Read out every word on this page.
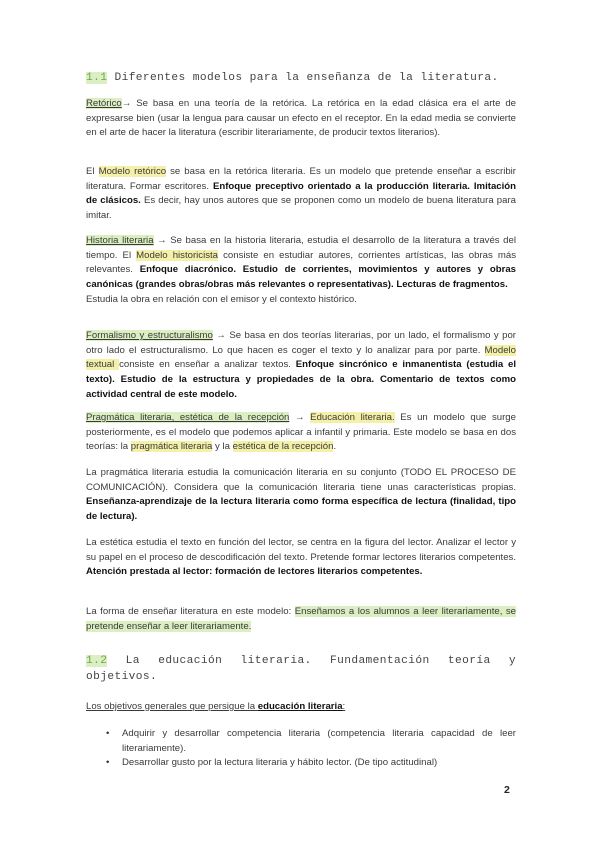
1.1 Diferentes modelos para la enseñanza de la literatura.
Retórico→ Se basa en una teoría de la retórica. La retórica en la edad clásica era el arte de expresarse bien (usar la lengua para causar un efecto en el receptor. En la edad media se convierte en el arte de hacer la literatura (escribir literariamente, de producir textos literarios).
El Modelo retórico se basa en la retórica literaria. Es un modelo que pretende enseñar a escribir literatura. Formar escritores. Enfoque preceptivo orientado a la producción literaria. Imitación de clásicos. Es decir, hay unos autores que se proponen como un modelo de buena literatura para imitar.
Historia literaria → Se basa en la historia literaria, estudia el desarrollo de la literatura a través del tiempo. El Modelo historicista consiste en estudiar autores, corrientes artísticas, las obras más relevantes. Enfoque diacrónico. Estudio de corrientes, movimientos y autores y obras canónicas (grandes obras/obras más relevantes o representativas). Lecturas de fragmentos.
Estudia la obra en relación con el emisor y el contexto histórico.
Formalismo y estructuralismo → Se basa en dos teorías literarias, por un lado, el formalismo y por otro lado el estructuralismo. Lo que hacen es coger el texto y lo analizar para por parte. Modelo textual consiste en enseñar a analizar textos. Enfoque sincrónico e inmanentista (estudia el texto). Estudio de la estructura y propiedades de la obra. Comentario de textos como actividad central de este modelo.
Pragmática literaria, estética de la recepción → Educación literaria. Es un modelo que surge posteriormente, es el modelo que podemos aplicar a infantil y primaria. Este modelo se basa en dos teorías: la pragmática literaria y la estética de la recepción.
La pragmática literaria estudia la comunicación literaria en su conjunto (TODO EL PROCESO DE COMUNICACIÓN). Considera que la comunicación literaria tiene unas características propias. Enseñanza-aprendizaje de la lectura literaria como forma específica de lectura (finalidad, tipo de lectura).
La estética estudia el texto en función del lector, se centra en la figura del lector. Analizar el lector y su papel en el proceso de descodificación del texto. Pretende formar lectores literarios competentes. Atención prestada al lector: formación de lectores literarios competentes.
La forma de enseñar literatura en este modelo: Enseñamos a los alumnos a leer literariamente, se pretende enseñar a leer literariamente.
1.2 La educación literaria. Fundamentación teoría y objetivos.
Los objetivos generales que persigue la educación literaria:
• Adquirir y desarrollar competencia literaria (competencia literaria capacidad de leer literariamente).
• Desarrollar gusto por la lectura literaria y hábito lector. (De tipo actitudinal)
2
